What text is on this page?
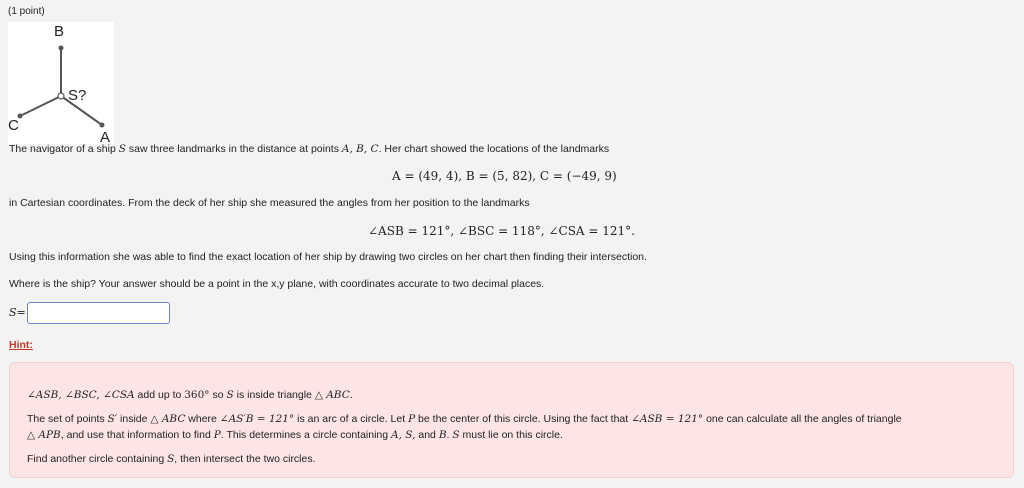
(1 point)
B
S?
C
A
The navigator of a ship S saw three landmarks in the distance at points A, B, C. Her chart showed the locations of the landmarks
A = (49, 4), B = (5, 82), C = (−49, 9)
in Cartesian coordinates. From the deck of her ship she measured the angles from her position to the landmarks
∠ASB = 121°, ∠BSC = 118°, ∠CSA = 121°.
Using this information she was able to find the exact location of her ship by drawing two circles on her chart then finding their intersection.
Where is the ship? Your answer should be a point in the x,y plane, with coordinates accurate to two decimal places.
S=
Hint:
∠ASB, ∠BSC, ∠CSA add up to 360° so S is inside triangle △ ABC.
The set of points S′ inside △ ABC where ∠AS′B = 121° is an arc of a circle. Let P be the center of this circle. Using the fact that ∠ASB = 121° one can calculate all the angles of triangle
△ APB, and use that information to find P. This determines a circle containing A, S, and B. S must lie on this circle.
Find another circle containing S, then intersect the two circles.
